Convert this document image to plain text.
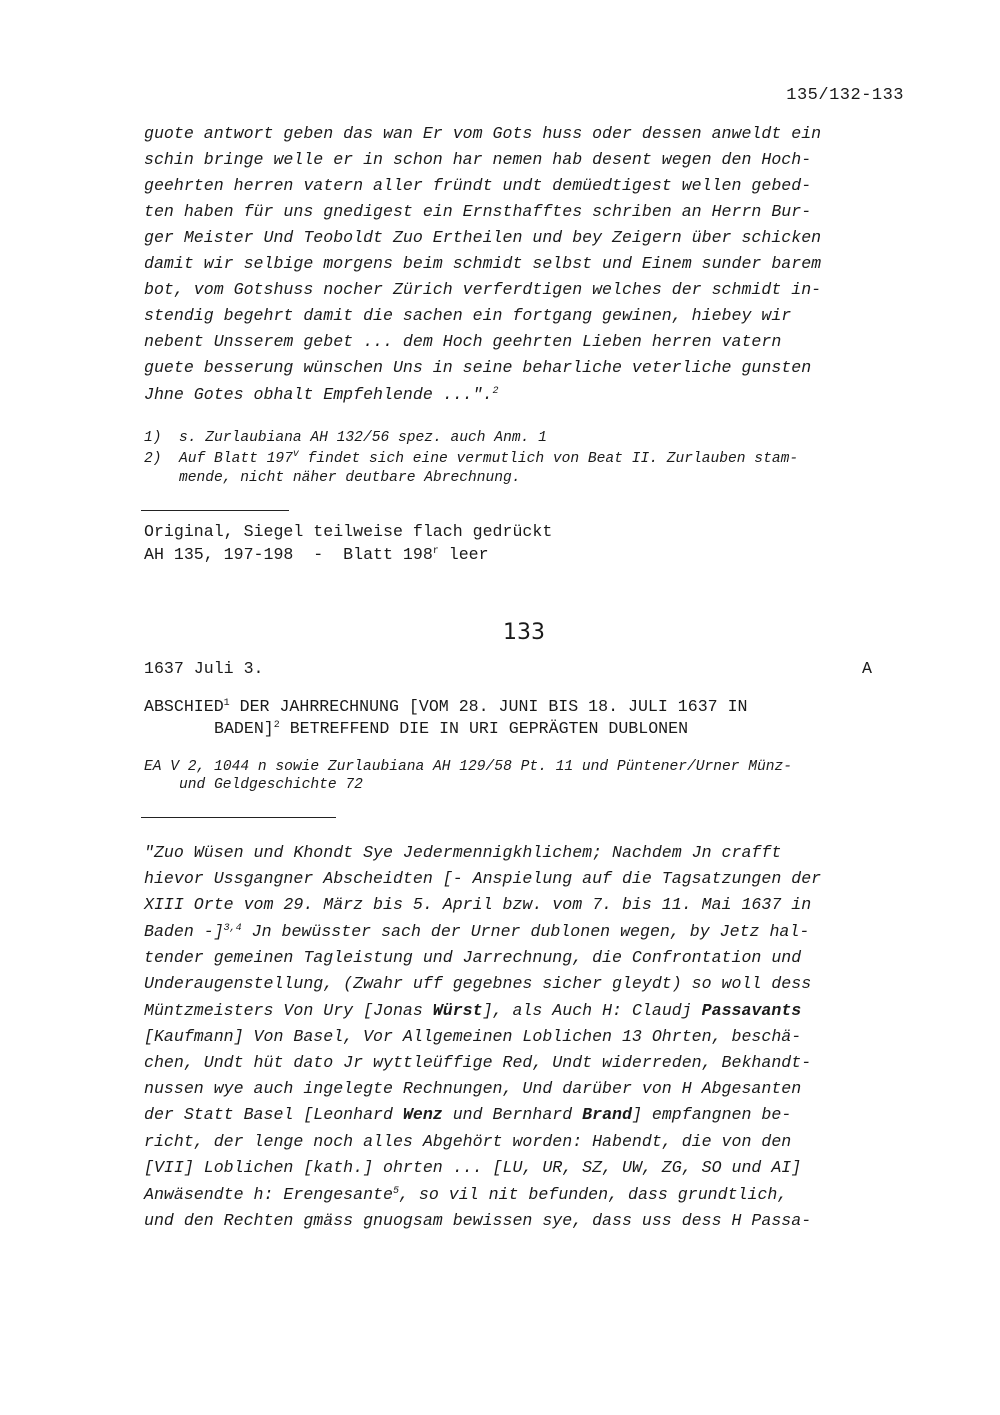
135/132-133
guote antwort geben das wan Er vom Gots huss oder dessen anweldt ein
schin bringe welle er in schon har nemen hab desent wegen den Hoch-
geehrten herren vatern aller fründt undt demüedtigest wellen gebed-
ten haben für uns gnedigest ein Ernsthafftes schriben an Herrn Bur-
ger Meister Und Teoboldt Zuo Ertheilen und bey Zeigern über schicken
damit wir selbige morgens beim schmidt selbst und Einem sunder barem
bot, vom Gotshuss nocher Zürich verferdtigen welches der schmidt in-
stendig begehrt damit die sachen ein fortgang gewinen, hiebey wir
nebent Unsserem gebet ... dem Hoch geehrten Lieben herren vatern
guete besserung wünschen Uns in seine beharliche veterliche gunsten
Jhne Gotes obhalt Empfehlende ...".$^2$
1)  s. Zurlaubiana AH 132/56 spez. auch Anm. 1
2)  Auf Blatt 197$^v$ findet sich eine vermutlich von Beat II. Zurlauben stam-
mende, nicht näher deutbare Abrechnung.
Original, Siegel teilweise flach gedrückt
AH 135, 197-198  -  Blatt 198$^r$ leer
133
1637 Juli 3.	A
ABSCHIED$^1$ DER JAHRRECHNUNG [VOM 28. JUNI BIS 18. JULI 1637 IN
BADEN]$^2$ BETREFFEND DIE IN URI GEPRÄGTEN DUBLONEN
EA V 2, 1044 n sowie Zurlaubiana AH 129/58 Pt. 11 und Püntener/Urner Münz-
und Geldgeschichte 72
"Zuo Wüsen und Khondt Sye Jedermennigkhlichem; Nachdem Jn crafft
hievor Ussgangner Abscheidten [- Anspielung auf die Tagsatzungen der
XIII Orte vom 29. März bis 5. April bzw. vom 7. bis 11. Mai 1637 in
Baden -]$^{3,4}$ Jn bewüsster sach der Urner dublonen wegen, by Jetz hal-
tender gemeinen Tagleistung und Jarrechnung, die Confrontation und
Underaugenstellung, (Zwahr uff gegebnes sicher gleydt) so woll dess
Müntzmeisters Von Ury [Jonas Würst], als Auch H: Claudj Passavants
[Kaufmann] Von Basel, Vor Allgemeinen Loblichen 13 Ohrten, beschä-
chen, Undt hüt dato Jr wyttleüffige Red, Undt widerreden, Bekhandt-
nussen wye auch ingelegte Rechnungen, Und darüber von H Abgesanten
der Statt Basel [Leonhard Wenz und Bernhard Brand] empfangnen be-
richt, der lenge noch alles Abgehört worden: Habendt, die von den
[VII] Loblichen [kath.] ohrten ... [LU, UR, SZ, UW, ZG, SO und AI]
Anwäsendte h: Erengesante$^5$, so vil nit befunden, dass grundtlich,
und den Rechten gmäss gnuogsam bewissen sye, dass uss dess H Passa-
